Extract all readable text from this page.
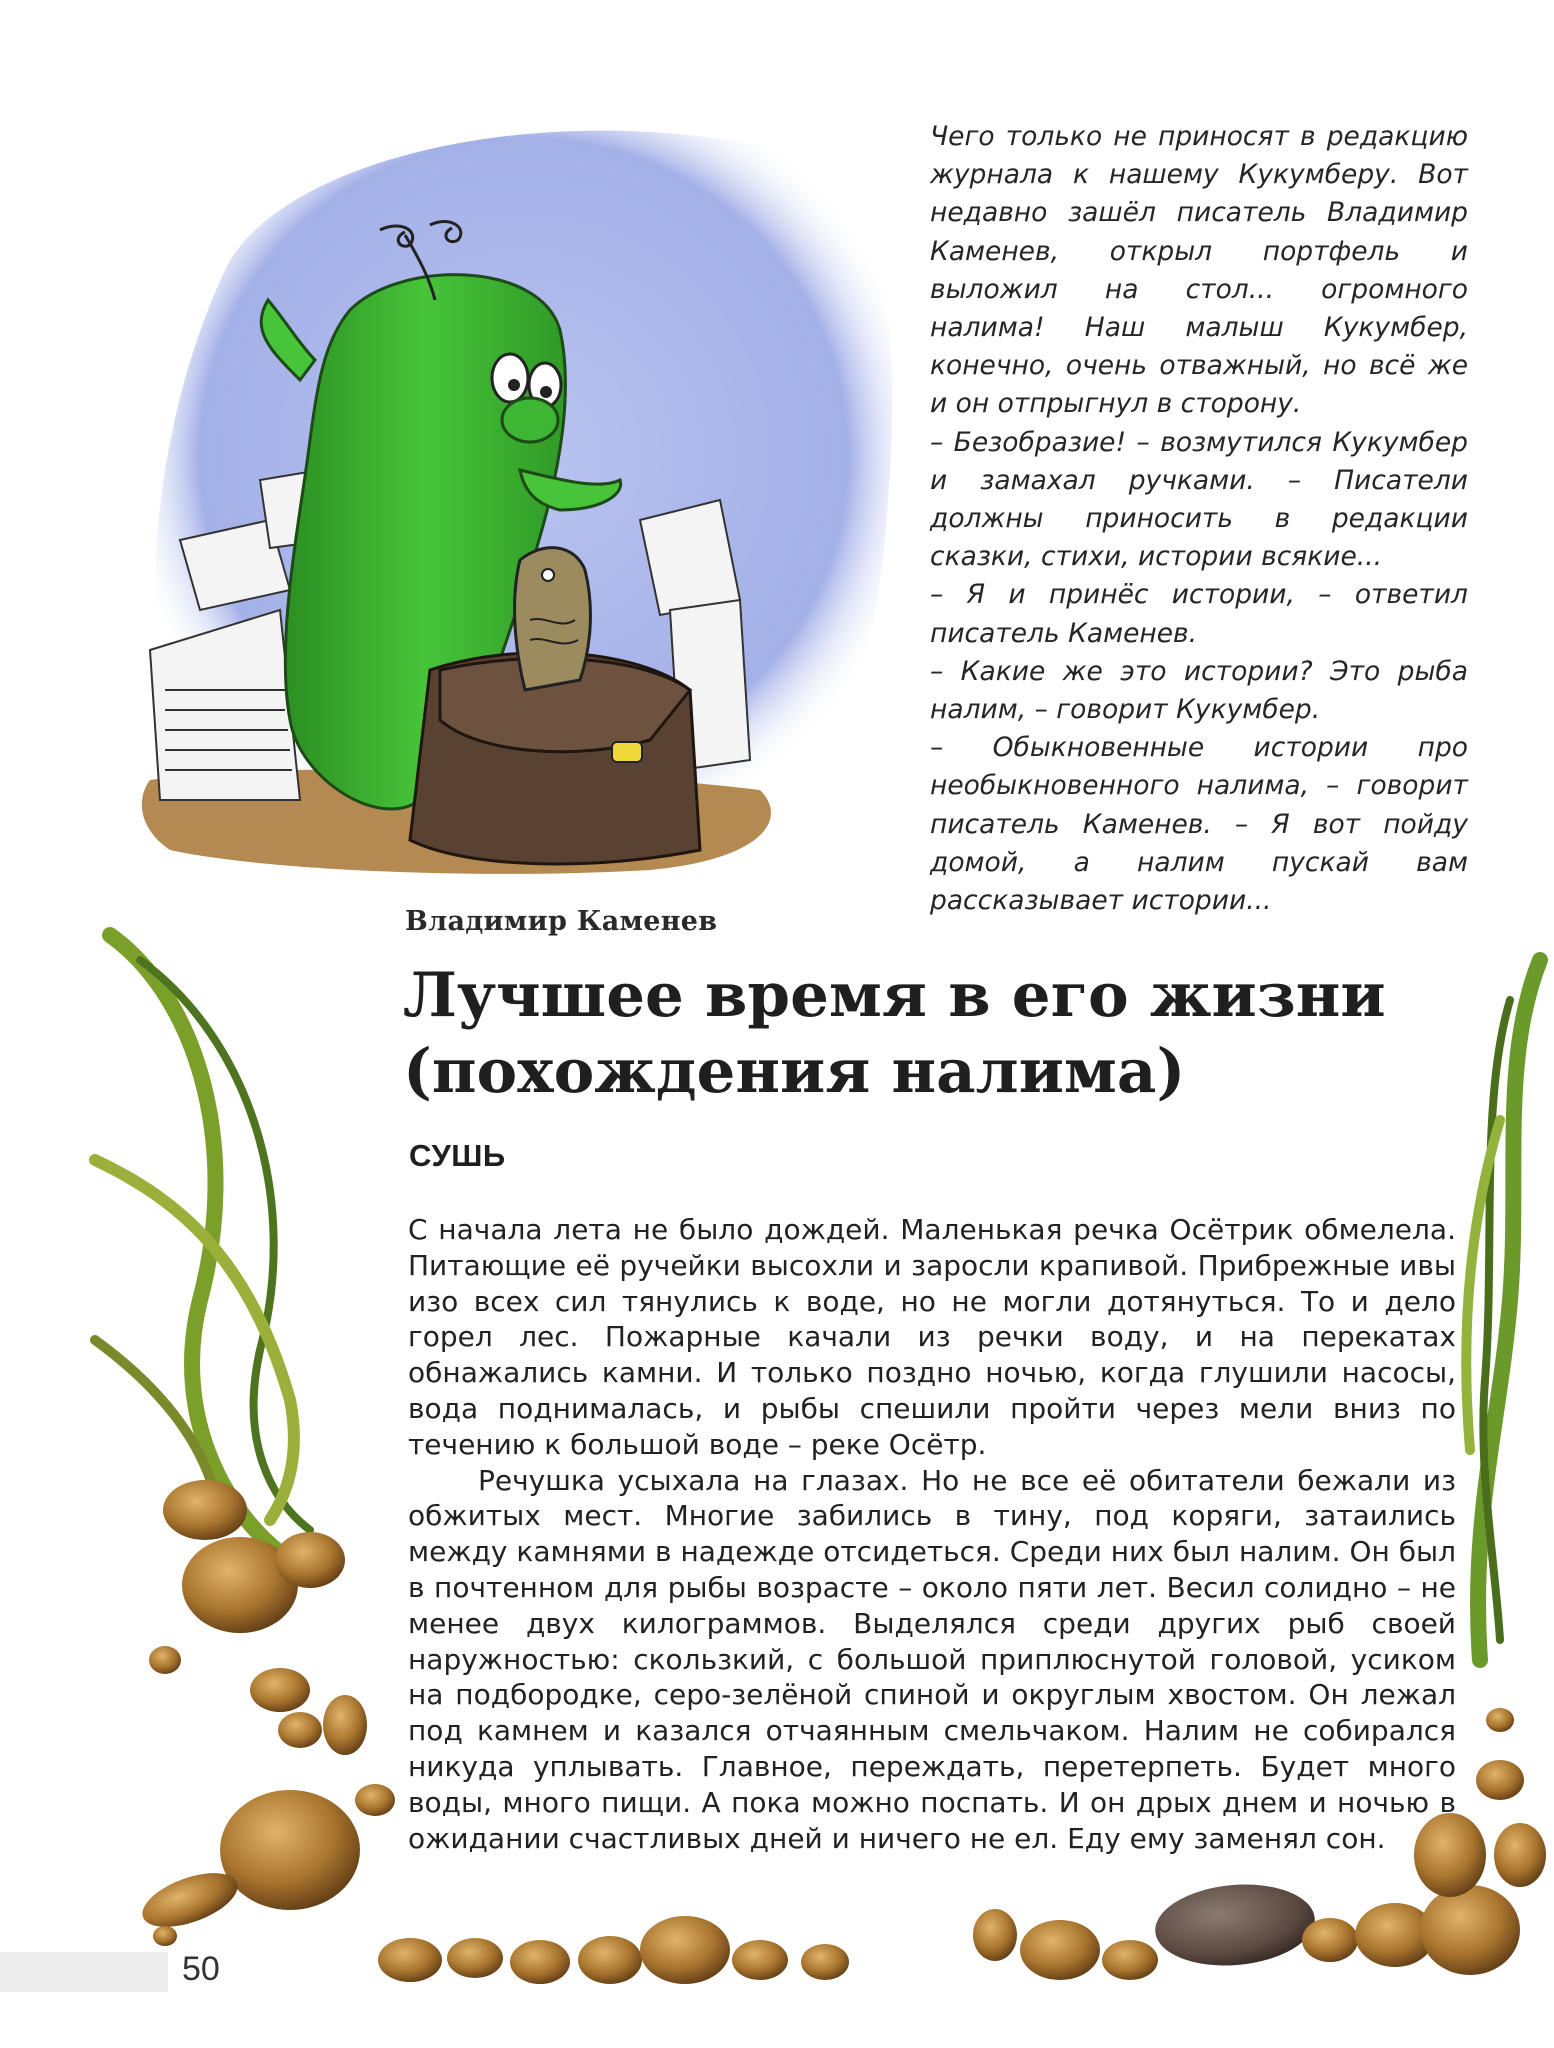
Чего только не приносят в редакцию журнала к нашему Кукумберу. Вот недавно зашёл писатель Владимир Каменев, открыл портфель и выложил на стол... огромного налима! Наш малыш Кукумбер, конечно, очень отважный, но всё же и он отпрыгнул в сторону.

– Безобразие! – возмутился Кукумбер и замахал ручками. – Писатели должны приносить в редакции сказки, стихи, истории всякие...

– Я и принёс истории, – ответил писатель Каменев.

– Какие же это истории? Это рыба налим, – говорит Кукумбер.

– Обыкновенные истории про необыкновенного налима, – говорит писатель Каменев. – Я вот пойду домой, а налим пускай вам рассказывает истории...

Владимир Каменев
Лучшее время в его жизни
(похождения налима)
СУШЬ

С начала лета не было дождей. Маленькая речка Осётрик обмелела. Питающие её ручейки высохли и заросли крапивой. Прибрежные ивы изо всех сил тянулись к воде, но не могли дотянуться. То и дело горел лес. Пожарные качали из речки воду, и на перекатах обнажались камни. И только поздно ночью, когда глушили насосы, вода поднималась, и рыбы спешили пройти через мели вниз по течению к большой воде – реке Осётр.

Речушка усыхала на глазах. Но не все её обитатели бежали из обжитых мест. Многие забились в тину, под коряги, затаились между камнями в надежде отсидеться. Среди них был налим. Он был в почтенном для рыбы возрасте – около пяти лет. Весил солидно – не менее двух килограммов. Выделялся среди других рыб своей наружностью: скользкий, с большой приплюснутой головой, усиком на подбородке, серо-зелёной спиной и округлым хвостом. Он лежал под камнем и казался отчаянным смельчаком. Налим не собирался никуда уплывать. Главное, переждать, перетерпеть. Будет много воды, много пищи. А пока можно поспать. И он дрых днем и ночью в ожидании счастливых дней и ничего не ел. Еду ему заменял сон.

50
